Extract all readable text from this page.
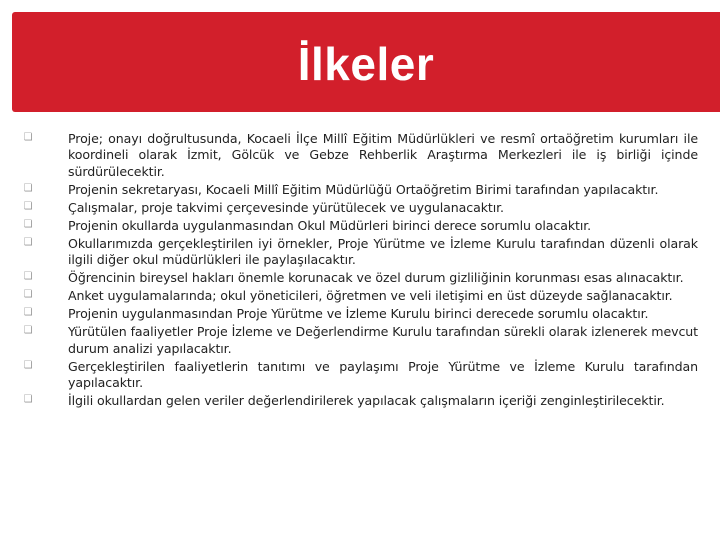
İlkeler
❏	Proje; onayı doğrultusunda, Kocaeli İlçe Millî Eğitim Müdürlükleri ve resmî ortaöğretim kurumları ile koordineli olarak İzmit, Gölcük ve Gebze Rehberlik Araştırma Merkezleri ile iş birliği içinde sürdürülecektir.
❏	Projenin sekretaryası, Kocaeli Millî Eğitim Müdürlüğü Ortaöğretim Birimi tarafından yapılacaktır.
❏	Çalışmalar, proje takvimi çerçevesinde yürütülecek ve uygulanacaktır.
❏	Projenin okullarda uygulanmasından Okul Müdürleri birinci derece sorumlu olacaktır.
❏	Okullarımızda gerçekleştirilen iyi örnekler, Proje Yürütme ve İzleme Kurulu tarafından düzenli olarak ilgili diğer okul müdürlükleri ile paylaşılacaktır.
❏	Öğrencinin bireysel hakları önemle korunacak ve özel durum gizliliğinin korunması esas alınacaktır.
❏	Anket uygulamalarında; okul yöneticileri, öğretmen ve veli iletişimi en üst düzeyde sağlanacaktır.
❏	Projenin uygulanmasından Proje Yürütme ve İzleme Kurulu birinci derecede sorumlu olacaktır.
❏	Yürütülen faaliyetler Proje İzleme ve Değerlendirme Kurulu tarafından sürekli olarak izlenerek mevcut durum analizi yapılacaktır.
❏	Gerçekleştirilen faaliyetlerin tanıtımı ve paylaşımı Proje Yürütme ve İzleme Kurulu tarafından yapılacaktır.
❏	İlgili okullardan gelen veriler değerlendirilerek yapılacak çalışmaların içeriği zenginleştirilecektir.
